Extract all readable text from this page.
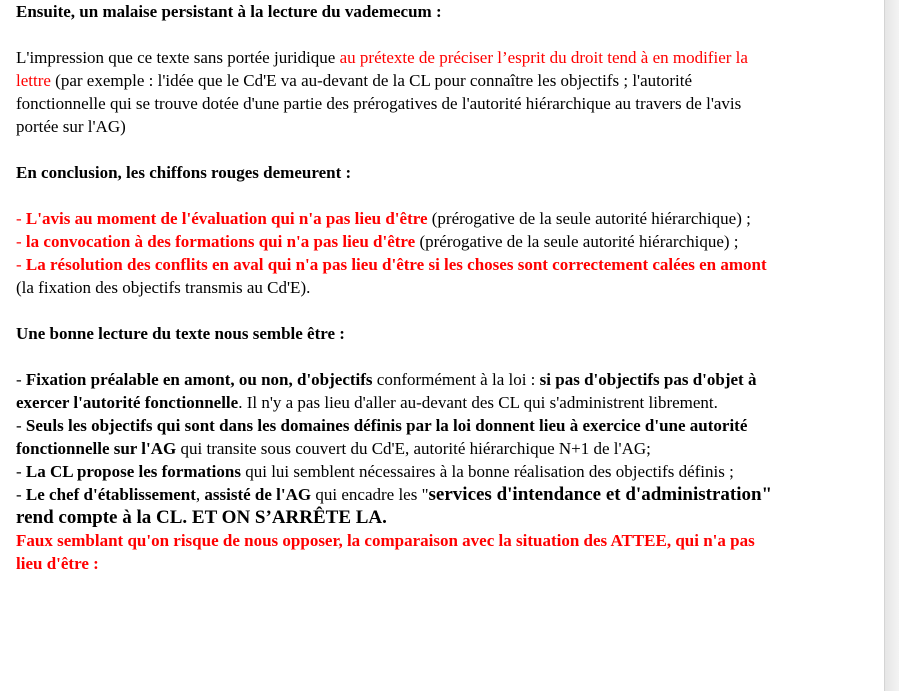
Ensuite, un malaise persistant à la lecture du vademecum :

L'impression que ce texte sans portée juridique au prétexte de préciser l’esprit du droit tend à en modifier la lettre (par exemple : l'idée que le Cd'E va au-devant de la CL pour connaître les objectifs ; l'autorité fonctionnelle qui se trouve dotée d'une partie des prérogatives de l'autorité hiérarchique au travers de l'avis portée sur l'AG)

En conclusion, les chiffons rouges demeurent :

- L'avis au moment de l'évaluation qui n'a pas lieu d'être (prérogative de la seule autorité hiérarchique) ;

- la convocation à des formations qui n'a pas lieu d'être (prérogative de la seule autorité hiérarchique) ;

- La résolution des conflits en aval qui n'a pas lieu d'être si les choses sont correctement calées en amont (la fixation des objectifs transmis au Cd'E).

Une bonne lecture du texte nous semble être :

- Fixation préalable en amont, ou non, d'objectifs conformément à la loi : si pas d'objectifs pas d'objet à exercer l'autorité fonctionnelle. Il n'y a pas lieu d'aller au-devant des CL qui s'administrent librement.

- Seuls les objectifs qui sont dans les domaines définis par la loi donnent lieu à exercice d'une autorité fonctionnelle sur l'AG qui transite sous couvert du Cd'E, autorité hiérarchique N+1 de l'AG;

- La CL propose les formations qui lui semblent nécessaires à la bonne réalisation des objectifs définis ;

- Le chef d'établissement, assisté de l'AG qui encadre les "services d'intendance et d'administration" rend compte à la CL. ET ON S’ARRÊTE LA.

Faux semblant qu'on risque de nous opposer, la comparaison avec la situation des ATTEE, qui n'a pas lieu d'être :
